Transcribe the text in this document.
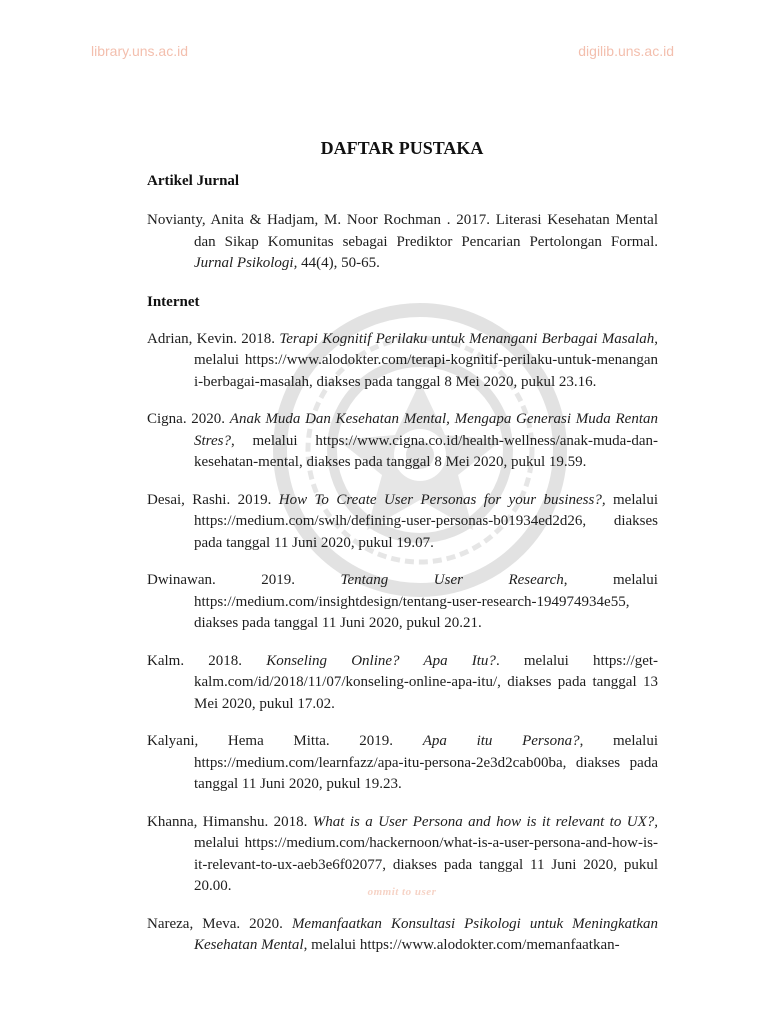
library.uns.ac.id	digilib.uns.ac.id
DAFTAR PUSTAKA
Artikel Jurnal

Novianty, Anita & Hadjam, M. Noor Rochman . 2017. Literasi Kesehatan Mental dan Sikap Komunitas sebagai Prediktor Pencarian Pertolongan Formal. Jurnal Psikologi, 44(4), 50-65.

Internet

Adrian, Kevin. 2018. Terapi Kognitif Perilaku untuk Menangani Berbagai Masalah, melalui https://www.alodokter.com/terapi-kognitif-perilaku-untuk-menangani-berbagai-masalah, diakses pada tanggal 8 Mei 2020, pukul 23.16.

Cigna. 2020. Anak Muda Dan Kesehatan Mental, Mengapa Generasi Muda Rentan Stres?, melalui https://www.cigna.co.id/health-wellness/anak-muda-dan-kesehatan-mental, diakses pada tanggal 8 Mei 2020, pukul 19.59.

Desai, Rashi. 2019. How To Create User Personas for your business?, melalui https://medium.com/swlh/defining-user-personas-b01934ed2d26, diakses pada tanggal 11 Juni 2020, pukul 19.07.

Dwinawan. 2019. Tentang User Research, melalui https://medium.com/insightdesign/tentang-user-research-194974934e55, diakses pada tanggal 11 Juni 2020, pukul 20.21.

Kalm. 2018. Konseling Online? Apa Itu?. melalui https://get-kalm.com/id/2018/11/07/konseling-online-apa-itu/, diakses pada tanggal 13 Mei 2020, pukul 17.02.

Kalyani, Hema Mitta. 2019. Apa itu Persona?, melalui https://medium.com/learnfazz/apa-itu-persona-2e3d2cab00ba, diakses pada tanggal 11 Juni 2020, pukul 19.23.

Khanna, Himanshu. 2018. What is a User Persona and how is it relevant to UX?, melalui https://medium.com/hackernoon/what-is-a-user-persona-and-how-is-it-relevant-to-ux-aeb3e6f02077, diakses pada tanggal 11 Juni 2020, pukul 20.00.

Nareza, Meva. 2020. Memanfaatkan Konsultasi Psikologi untuk Meningkatkan Kesehatan Mental, melalui https://www.alodokter.com/memanfaatkan-

ommit to user
